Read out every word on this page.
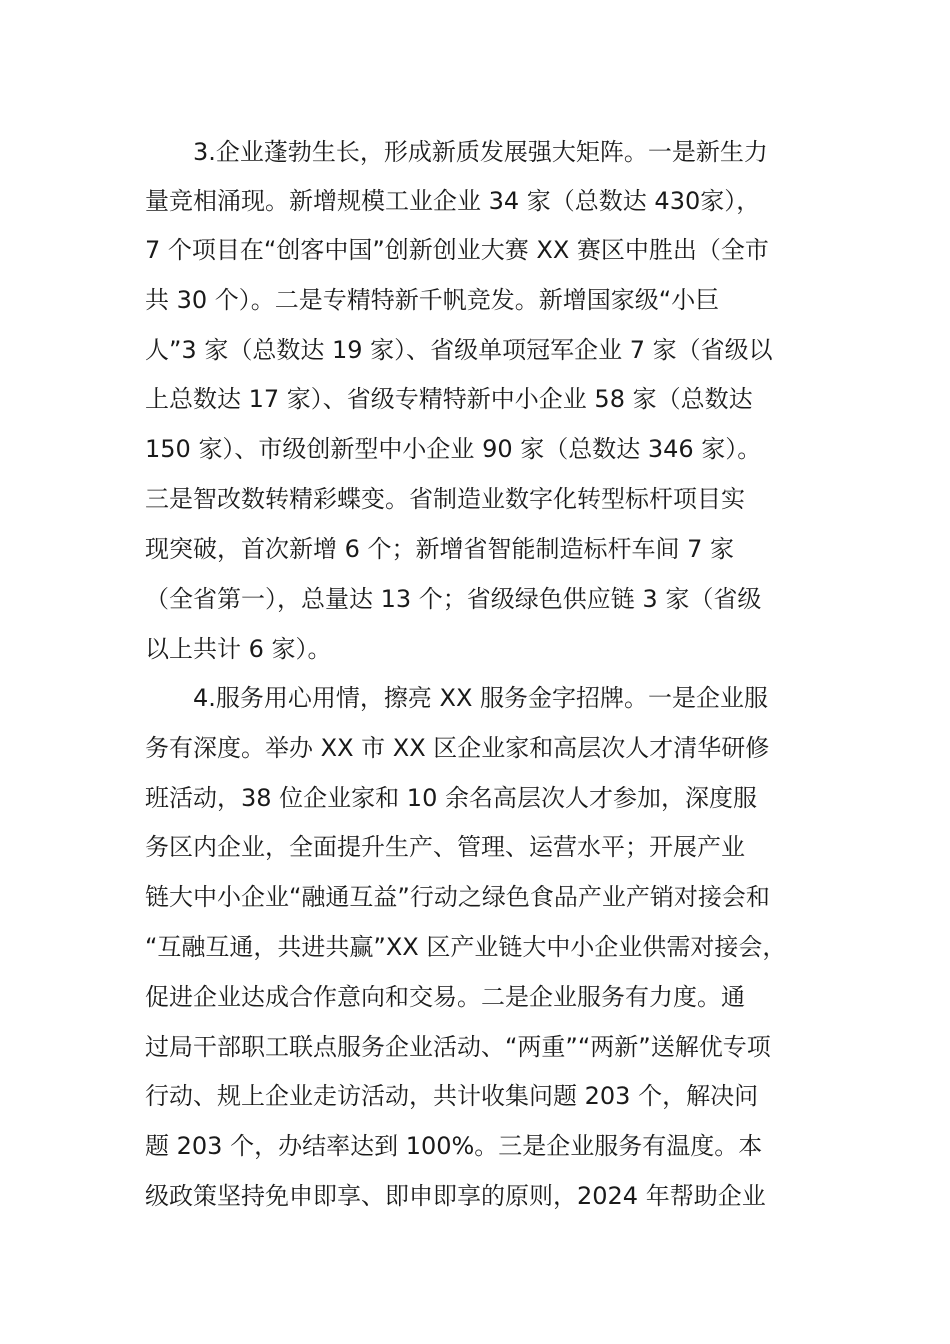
3.企业蓬勃生长，形成新质发展强大矩阵。一是新生力
量竞相涌现。新增规模工业企业 34 家（总数达 430家），
7 个项目在“创客中国”创新创业大赛 XX 赛区中胜出（全市
共 30 个）。二是专精特新千帆竞发。新增国家级“小巨
人”3 家（总数达 19 家）、省级单项冠军企业 7 家（省级以
上总数达 17 家）、省级专精特新中小企业 58 家（总数达
150 家）、市级创新型中小企业 90 家（总数达 346 家）。
三是智改数转精彩蝶变。省制造业数字化转型标杆项目实
现突破，首次新增 6 个；新增省智能制造标杆车间 7 家
（全省第一），总量达 13 个；省级绿色供应链 3 家（省级
以上共计 6 家）。
4.服务用心用情，擦亮 XX 服务金字招牌。一是企业服
务有深度。举办 XX 市 XX 区企业家和高层次人才清华研修
班活动，38 位企业家和 10 余名高层次人才参加，深度服
务区内企业，全面提升生产、管理、运营水平；开展产业
链大中小企业“融通互益”行动之绿色食品产业产销对接会和
“互融互通，共进共赢”XX 区产业链大中小企业供需对接会，
促进企业达成合作意向和交易。二是企业服务有力度。通
过局干部职工联点服务企业活动、“两重”“两新”送解优专项
行动、规上企业走访活动，共计收集问题 203 个，解决问
题 203 个，办结率达到 100%。三是企业服务有温度。本
级政策坚持免申即享、即申即享的原则，2024 年帮助企业
